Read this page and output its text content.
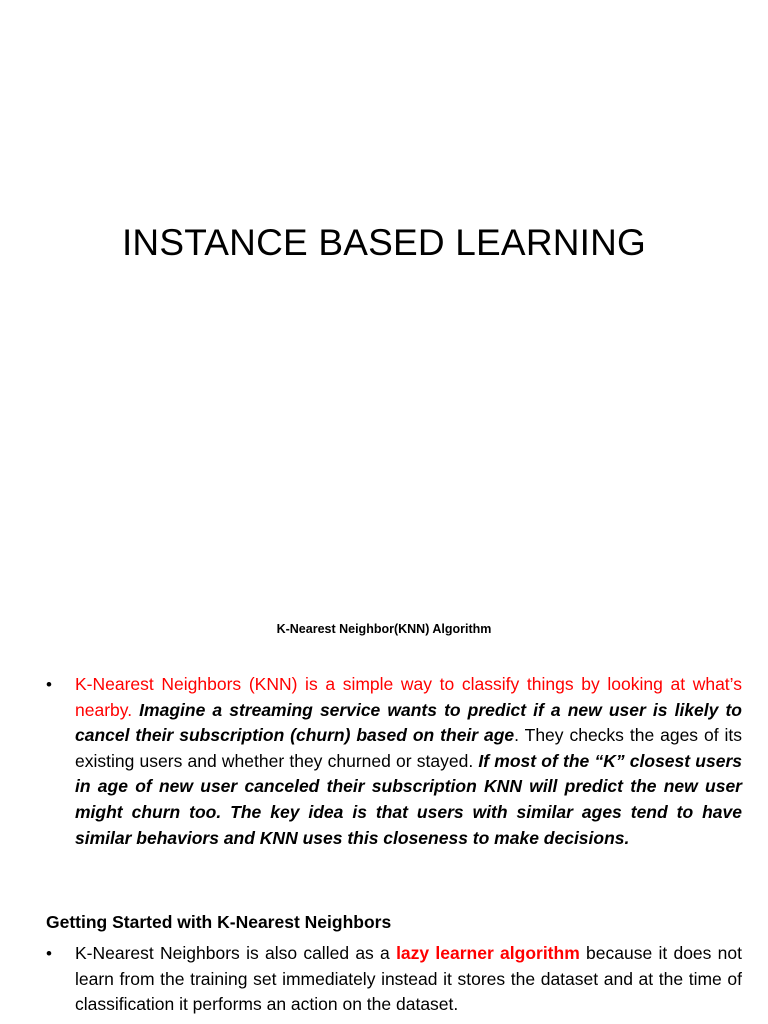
INSTANCE BASED LEARNING
K-Nearest Neighbor(KNN) Algorithm
•	K-Nearest Neighbors (KNN) is a simple way to classify things by looking at what’s nearby. Imagine a streaming service wants to predict if a new user is likely to cancel their subscription (churn) based on their age. They checks the ages of its existing users and whether they churned or stayed. If most of the “K” closest users in age of new user canceled their subscription KNN will predict the new user might churn too. The key idea is that users with similar ages tend to have similar behaviors and KNN uses this closeness to make decisions.

Getting Started with K-Nearest Neighbors
•	K-Nearest Neighbors is also called as a lazy learner algorithm because it does not learn from the training set immediately instead it stores the dataset and at the time of classification it performs an action on the dataset.
